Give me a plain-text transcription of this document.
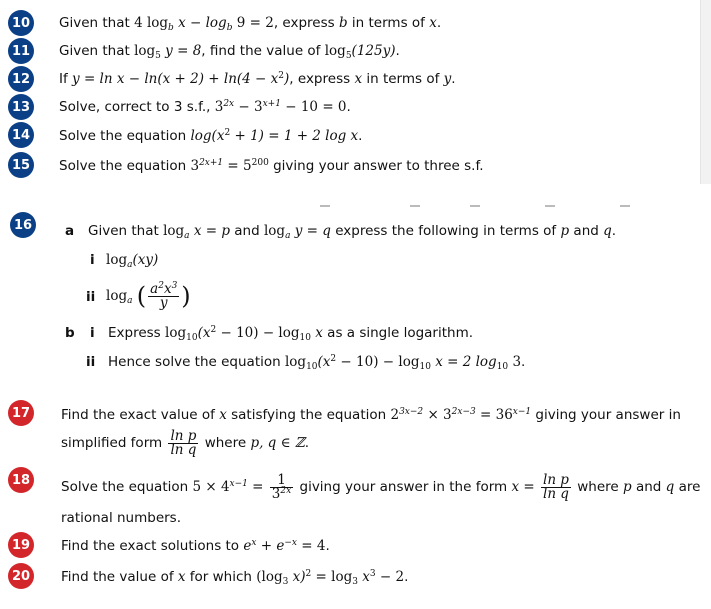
10 Given that 4 $\log_b x - \log_b 9 = 2$, express b in terms of x.
11 Given that $\log_5 y = 8$, find the value of $\log_5(125y)$.
12 If $y = \ln x - \ln(x + 2) + \ln(4 - x^2)$, express x in terms of y.
13 Solve, correct to 3 s.f., $3^{2x} - 3^{x+1} - 10 = 0$.
14 Solve the equation $\log(x^2 + 1) = 1 + 2$ log x.
15 Solve the equation $3^{2x+1} = 5^{200}$ giving your answer to three s.f.
16 a Given that $\log_a x = p$ and $\log_a y = q$ express the following in terms of p and q.
i $\log_a(xy)$
ii $\log_a$ ( $\frac{a^2x^3}{y}$ )
b i Express $\log_{10}(x^2 - 10) - \log_{10} x$ as a single logarithm.
ii Hence solve the equation $\log_{10}(x^2 - 10) - \log_{10} x = 2$ $\log_{10} 3$.
17 Find the exact value of x satisfying the equation $2^{3x-2} \times 3^{2x-3} = 36^{x-1}$ giving your answer in
simplified form $\frac{\text{ln p}}{\text{ln q}}$ where p, q ∈ ℤ.
18 Solve the equation $5 \times 4^{x-1} = \frac{1}{3^{2x}}$ giving your answer in the form $x = \frac{\text{ln p}}{\text{ln q}}$ where p and q are
rational numbers.
19 Find the exact solutions to $e^x + e^{-x} = 4$.
20 Find the value of x for which ($\log_3$ $x)^2 = \log_3 x^3 - 2$.
